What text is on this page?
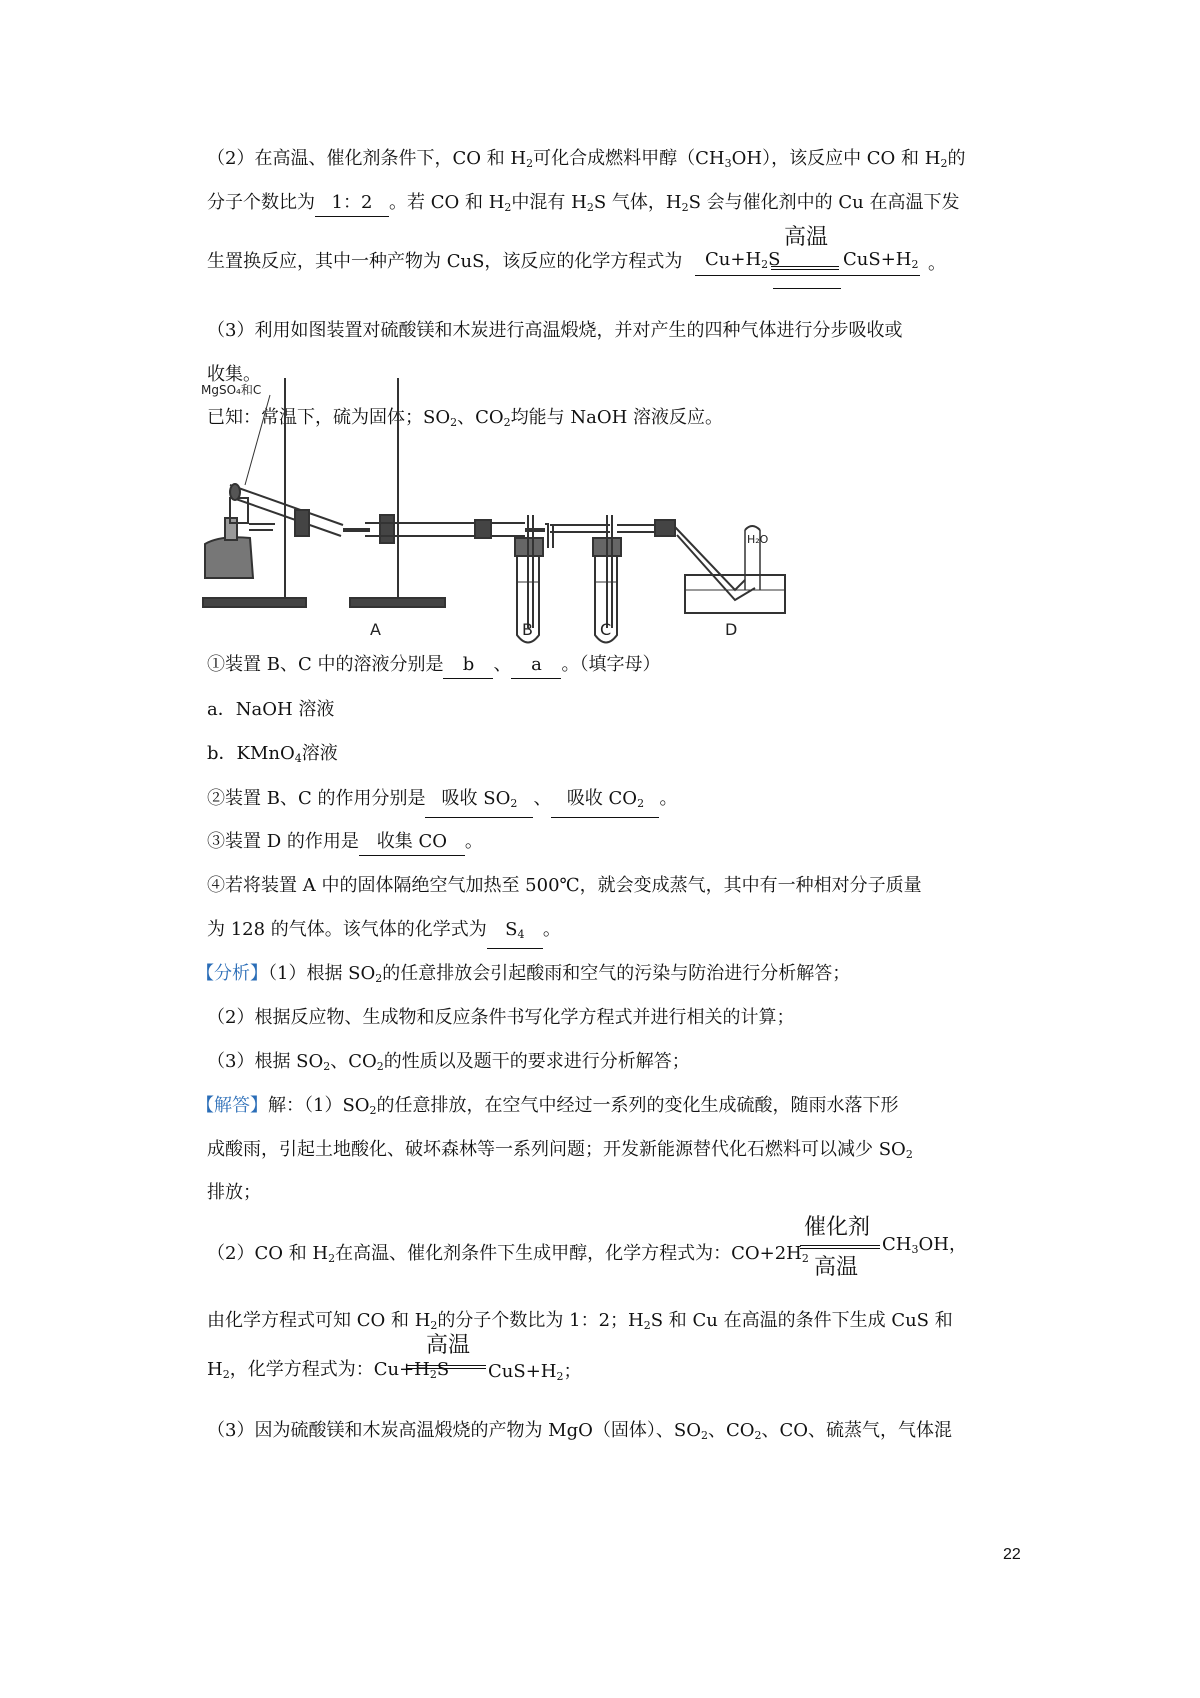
（2）在高温、催化剂条件下，CO 和 $H_2$可化合成燃料甲醇$(CH_3OH)$，该反应中 CO 和 $H_2$的
分子个数比为 1：2 。若 CO 和 $H_2$中混有 $H_2S$ 气体，$H_2S$ 会与催化剂中的 Cu 在高温下发
生置换反应，其中一种产物为 CuS，该反应的化学方程式为 $Cu+H_2S$
高温
$CuS+H_2$ 。
（3）利用如图装置对硫酸镁和木炭进行高温煅烧，并对产生的四种气体进行分步吸收或
收集。
已知：常温下，硫为固体；$SO_2$、$CO_2$均能与 NaOH 溶液反应。
MgSO₄和C
H₂O
A	B	C	D
①装置 B、C 中的溶液分别是 b 、 a 。（填字母）
a．NaOH 溶液
b．KMnO$_4$溶液
②装置 B、C 的作用分别是 吸收 $SO_2$ 、 吸收 $CO_2$ 。
③装置 D 的作用是 收集 CO 。
④若将装置 A 中的固体隔绝空气加热至 500℃，就会变成蒸气，其中有一种相对分子质量
为 128 的气体。该气体的化学式为 $S_4$ 。
【分析】（1）根据 $SO_2$的任意排放会引起酸雨和空气的污染与防治进行分析解答；
（2）根据反应物、生成物和反应条件书写化学方程式并进行相关的计算；
（3）根据 $SO_2$、$CO_2$的性质以及题干的要求进行分析解答；
【解答】解：$(1)SO_2$的任意排放，在空气中经过一系列的变化生成硫酸，随雨水落下形
成酸雨，引起土地酸化、破坏森林等一系列问题；开发新能源替代化石燃料可以减少 $SO_2$
排放；
（2）CO 和 $H_2$在高温、催化剂条件下生成甲醇，化学方程式为：$CO+2H_2$
催化剂
高温
$CH_3OH$，
由化学方程式可知 CO 和 $H_2$的分子个数比为 1：2；$H_2S$ 和 Cu 在高温的条件下生成 CuS 和
$H_2$，化学方程式为：$Cu+H_2S$
高温
$CuS+H_2$；
（3）因为硫酸镁和木炭高温煅烧的产物为 MgO（固体）、$SO_2$、$CO_2$、CO、硫蒸气，气体混
22
